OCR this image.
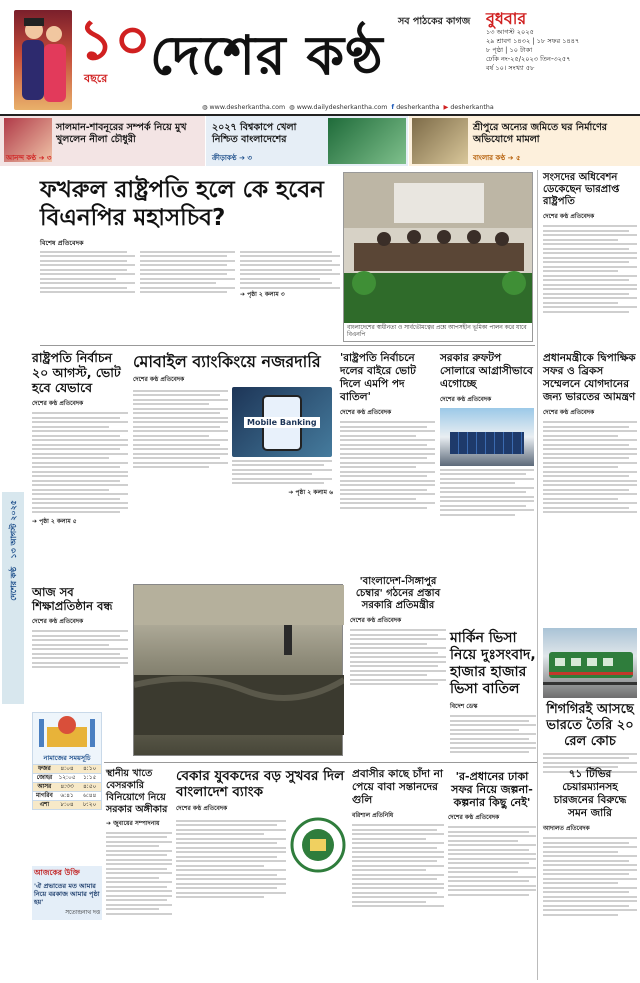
১০
বছরে দেশের কণ্ঠ
সব পাঠকের কাগজ
◍ www.desherkantha.com ◍ www.dailydesherkantha.com f desherkantha ▶ desherkantha
বুধবার
১৩ আগস্ট ২০২৫
২৯ শ্রাবণ ১৪৩২ | ১৮ সফর ১৪৪৭
৮ পৃষ্ঠা | ১০ টাকা
ঢেকি নং-২৫/২০২৩ তিন-৩২৫৭
বর্ষ ১০। সংখ্যা ৫৮
সালমান-শাবনূরের সম্পর্ক নিয়ে মুখ খুললেন নীলা চৌধুরী
আনন্দ কণ্ঠ ➔ ৩
২০২৭ বিশ্বকাপে খেলা নিশ্চিত বাংলাদেশের
ক্রীড়াকণ্ঠ ➔ ৩
শ্রীপুরে অন্যের জমিতে ঘর নির্মাণের অভিযোগে মামলা
বাংলার কণ্ঠ ➔ ৫
ফখরুল রাষ্ট্রপতি হলে কে হবেন বিএনপির মহাসচিব?
বিশেষ প্রতিবেদক
➔ পৃষ্ঠা ২ কলাম ৩
বাংলাদেশের স্বাধীনতা ও সার্বভৌমত্বের প্রশ্নে আপসহীন ভূমিকা পালন করে যাবে বিএনপি
সংসদের অধিবেশন ডেকেছেন ভারপ্রাপ্ত রাষ্ট্রপতি
দেশের কণ্ঠ প্রতিবেদক
১৩ আগস্ট ২০২৫
দেশের কণ্ঠ
রাষ্ট্রপতি নির্বাচন ২০ আগস্ট, ভোট হবে যেভাবে
দেশের কণ্ঠ প্রতিবেদক
➔ পৃষ্ঠা ২ কলাম ৫
মোবাইল ব্যাংকিংয়ে নজরদারি
দেশের কণ্ঠ প্রতিবেদক
Mobile Banking
➔ পৃষ্ঠা ২ কলাম ৬
'রাষ্ট্রপতি নির্বাচনে দলের বাইরে ভোট দিলে এমপি পদ বাতিল'
দেশের কণ্ঠ প্রতিবেদক
সরকার রুফটপ সোলারে আগ্রাসীভাবে এগোচ্ছে
দেশের কণ্ঠ প্রতিবেদক
প্রধানমন্ত্রীকে দ্বিপাক্ষিক সফর ও ব্রিকস সম্মেলনে যোগদানের জন্য ভারতের আমন্ত্রণ
দেশের কণ্ঠ প্রতিবেদক
আজ সব শিক্ষাপ্রতিষ্ঠান বন্ধ
দেশের কণ্ঠ প্রতিবেদক
নামাজের সময়সূচি
ফজর	৪:০৪	৪:১০
জোহর	১২:০৫	১:১৫
আসর	৪:৩৩	৪:৫০
মাগরিব	৬:৪১	৬:৪৪
এশা	৮:০৪	৮:২০
আজকের উক্তি
'ঐ প্রভাতের মত আমার নিয়ে বরকাজ আমার পৃষ্ঠা হয়'
সত্যেন্দ্রনাথ দত্ত
স্থানীয় খাতে বেসরকারি বিনিয়োগে নিয়ে সরকার অঙ্গীকার
➔ জুবায়ের সম্পাদনায়
'বাংলাদেশ-সিঙ্গাপুর চেম্বার' গঠনের প্রস্তাব সরকারি প্রতিমন্ত্রীর
দেশের কণ্ঠ প্রতিবেদক
মার্কিন ভিসা নিয়ে দুঃসংবাদ, হাজার হাজার ভিসা বাতিল
বিদেশ ডেস্ক	শিগগিরই আসছে ভারতে তৈরি ২০ রেল কোচ
বেকার যুবকদের বড় সুখবর দিল বাংলাদেশ ব্যাংক
দেশের কণ্ঠ প্রতিবেদক
প্রবাসীর কাছে চাঁদা না পেয়ে বাবা সন্তানদের গুলি
বরিশাল প্রতিনিধি
'র-প্রধানের ঢাকা সফর নিয়ে জল্পনা-কল্পনার কিছু নেই'
দেশের কণ্ঠ প্রতিবেদক
৭১ টিভির চেয়ারম্যানসহ চারজনের বিরুদ্ধে সমন জারি
আদালত প্রতিবেদক
